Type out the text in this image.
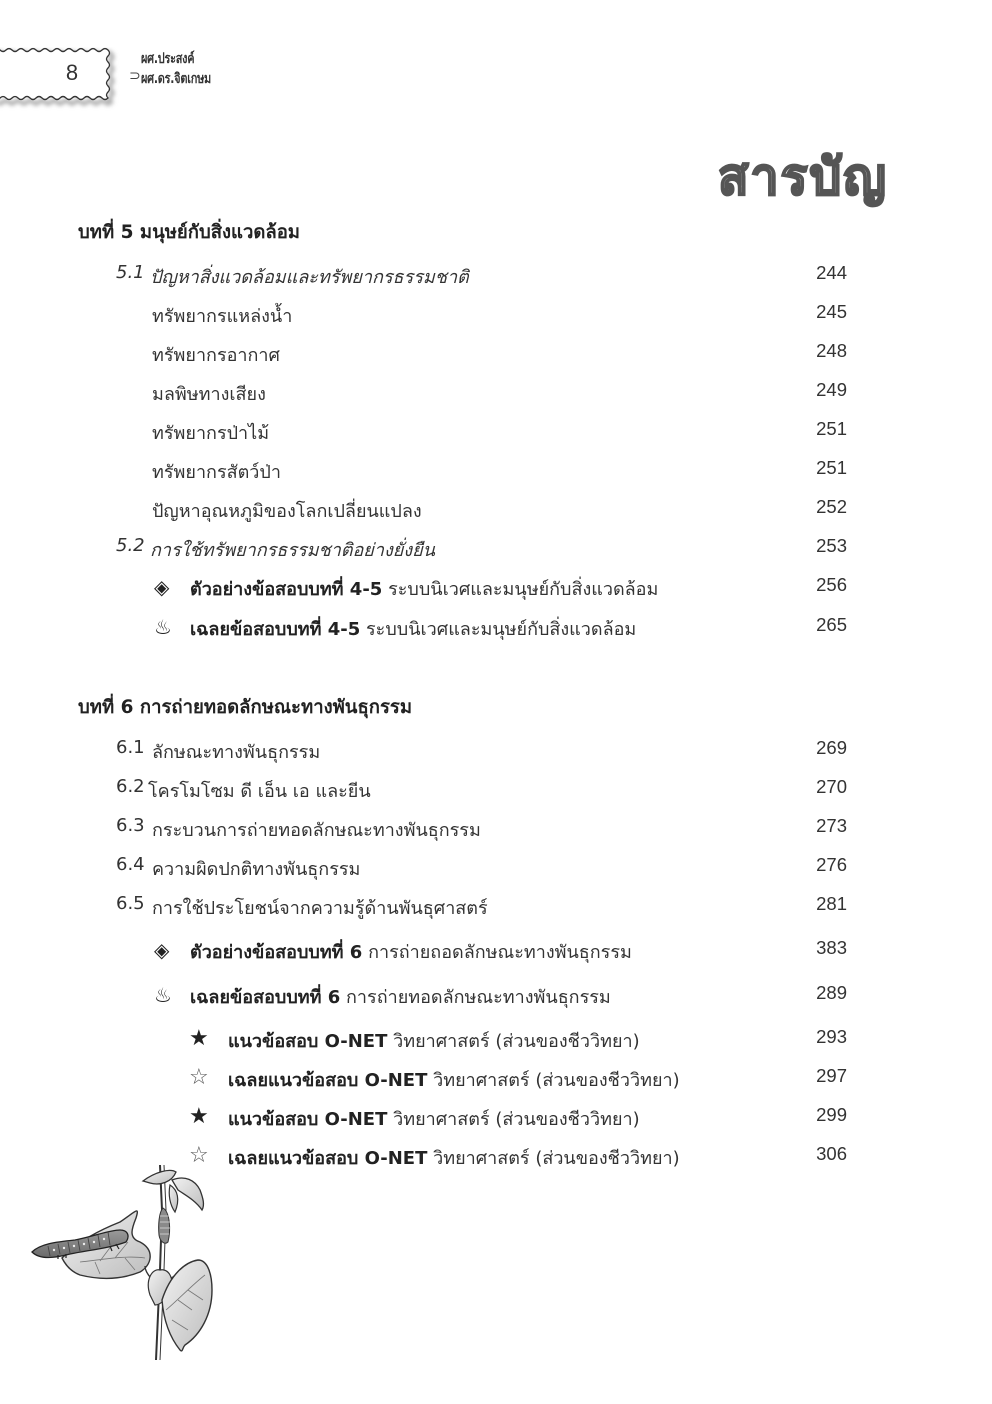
8	⊃
ผศ.ประสงค์
ผศ.ดร.จิตเกษม
สารบัญ
บทที่ 5 มนุษย์กับสิ่งแวดล้อม
5.1 ปัญหาสิ่งแวดล้อมและทรัพยากรธรรมชาติ	244
ทรัพยากรแหล่งน้ำ	245
ทรัพยากรอากาศ	248
มลพิษทางเสียง	249
ทรัพยากรป่าไม้	251
ทรัพยากรสัตว์ป่า	251
ปัญหาอุณหภูมิของโลกเปลี่ยนแปลง	252
5.2 การใช้ทรัพยากรธรรมชาติอย่างยั่งยืน	253
◈ ตัวอย่างข้อสอบบทที่ 4-5 ระบบนิเวศและมนุษย์กับสิ่งแวดล้อม	256
♨ เฉลยข้อสอบบทที่ 4-5 ระบบนิเวศและมนุษย์กับสิ่งแวดล้อม	265
บทที่ 6 การถ่ายทอดลักษณะทางพันธุกรรม
6.1 ลักษณะทางพันธุกรรม	269
6.2 โครโมโซม ดี เอ็น เอ และยีน	270
6.3 กระบวนการถ่ายทอดลักษณะทางพันธุกรรม	273
6.4 ความผิดปกติทางพันธุกรรม	276
6.5 การใช้ประโยชน์จากความรู้ด้านพันธุศาสตร์	281
◈ ตัวอย่างข้อสอบบทที่ 6 การถ่ายถอดลักษณะทางพันธุกรรม	383
♨ เฉลยข้อสอบบทที่ 6 การถ่ายทอดลักษณะทางพันธุกรรม	289
★ แนวข้อสอบ O-NET วิทยาศาสตร์ (ส่วนของชีววิทยา)	293
☆ เฉลยแนวข้อสอบ O-NET วิทยาศาสตร์ (ส่วนของชีววิทยา)	297
★ แนวข้อสอบ O-NET วิทยาศาสตร์ (ส่วนของชีววิทยา)	299
☆ เฉลยแนวข้อสอบ O-NET วิทยาศาสตร์ (ส่วนของชีววิทยา)	306
